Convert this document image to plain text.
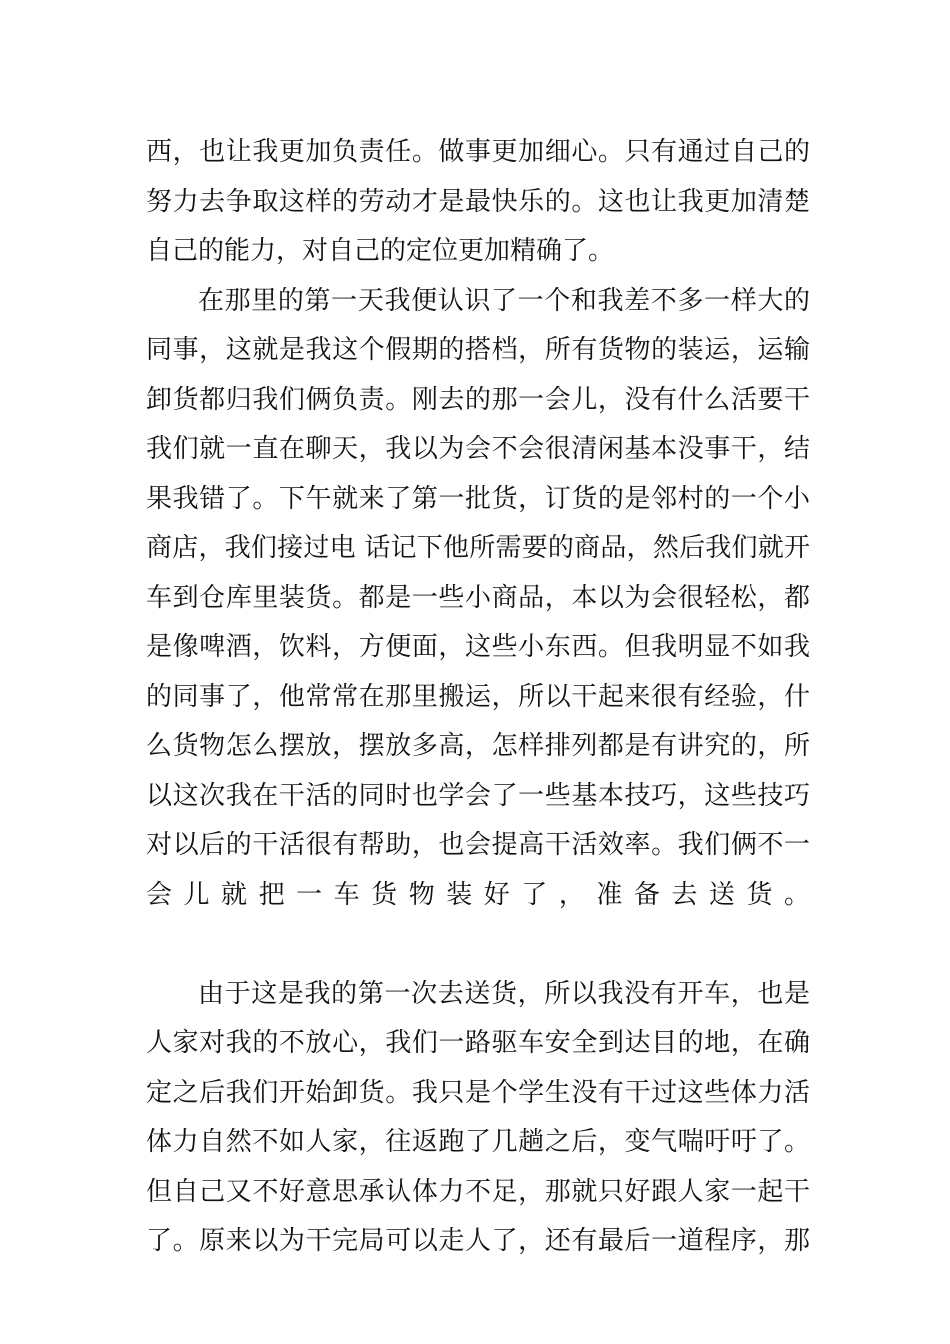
西，也让我更加负责任。做事更加细心。只有通过自己的
努力去争取这样的劳动才是最快乐的。这也让我更加清楚
自己的能力，对自己的定位更加精确了。
在那里的第一天我便认识了一个和我差不多一样大的
同事，这就是我这个假期的搭档，所有货物的装运，运输
卸货都归我们俩负责。刚去的那一会儿，没有什么活要干
我们就一直在聊天，我以为会不会很清闲基本没事干，结
果我错了。下午就来了第一批货，订货的是邻村的一个小
商店，我们接过电 话记下他所需要的商品，然后我们就开
车到仓库里装货。都是一些小商品，本以为会很轻松，都
是像啤酒，饮料，方便面，这些小东西。但我明显不如我
的同事了，他常常在那里搬运，所以干起来很有经验，什
么货物怎么摆放，摆放多高，怎样排列都是有讲究的，所
以这次我在干活的同时也学会了一些基本技巧，这些技巧
对以后的干活很有帮助，也会提高干活效率。我们俩不一
会儿就把一车货物装好了，准备去送货。
由于这是我的第一次去送货，所以我没有开车，也是
人家对我的不放心，我们一路驱车安全到达目的地，在确
定之后我们开始卸货。我只是个学生没有干过这些体力活
体力自然不如人家，往返跑了几趟之后，变气喘吁吁了。
但自己又不好意思承认体力不足，那就只好跟人家一起干
了。原来以为干完局可以走人了，还有最后一道程序，那
